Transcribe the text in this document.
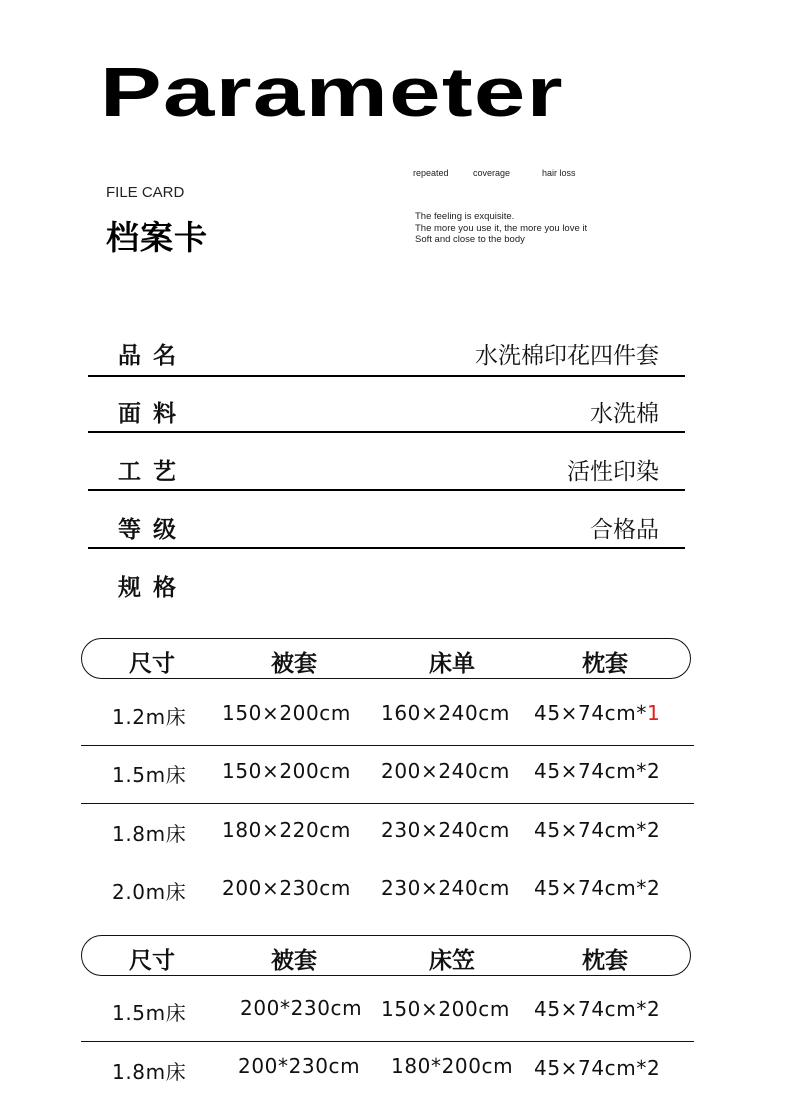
Parameter
FILE CARD
档案卡
repeated	coverage	hair loss
The feeling is exquisite.
The more you use it, the more you love it
Soft and close to the body
品名	水洗棉印花四件套
面料	水洗棉
工艺	活性印染
等级	合格品
规格
尺寸	被套	床单	枕套
1.2m床 150×200cm 160×240cm 45×74cm*1
1.5m床 150×200cm 200×240cm 45×74cm*2
1.8m床 180×220cm 230×240cm 45×74cm*2
2.0m床 200×230cm 230×240cm 45×74cm*2
尺寸	被套	床笠	枕套
1.5m床	200*230cm 150×200cm 45×74cm*2
1.8m床	200*230cm 180*200cm 45×74cm*2
